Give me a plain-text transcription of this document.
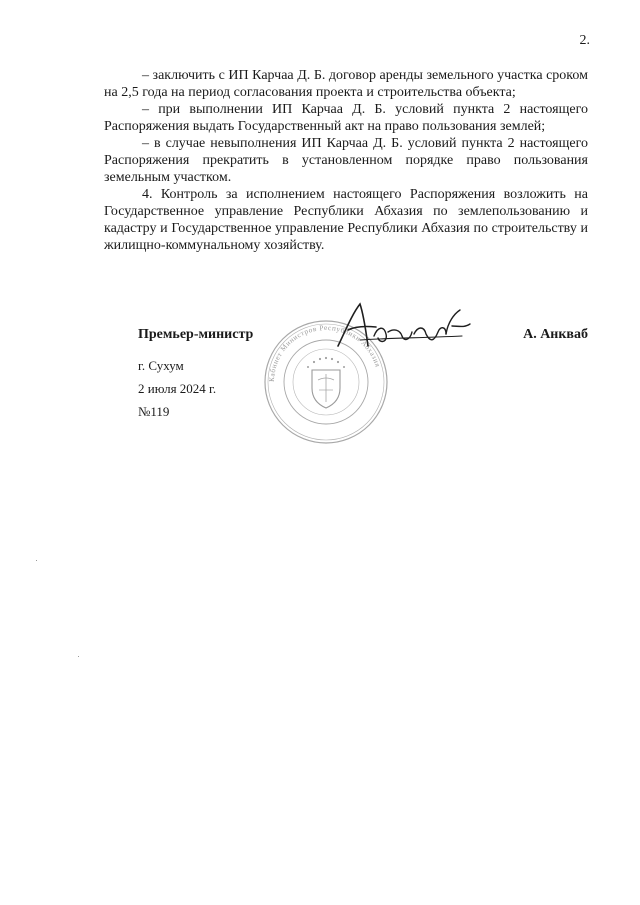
2.

– заключить с ИП Карчаа Д. Б. договор аренды земельного участка сроком на 2,5 года на период согласования проекта и строительства объекта;

– при выполнении ИП Карчаа Д. Б. условий пункта 2 настоящего Распоряжения выдать Государственный акт на право пользования землей;

– в случае невыполнения ИП Карчаа Д. Б. условий пункта 2 настоящего Распоряжения прекратить в установленном порядке право пользования земельным участком.

4. Контроль за исполнением настоящего Распоряжения возложить на Государственное управление Республики Абхазия по землепользованию и кадастру и Государственное управление Республики Абхазия по строительству и жилищно-коммунальному хозяйству.

Кабинет Министров Республики Абхазия
Премьер-министр	А. Анкваб
г. Сухум
2 июля 2024 г.
№119
